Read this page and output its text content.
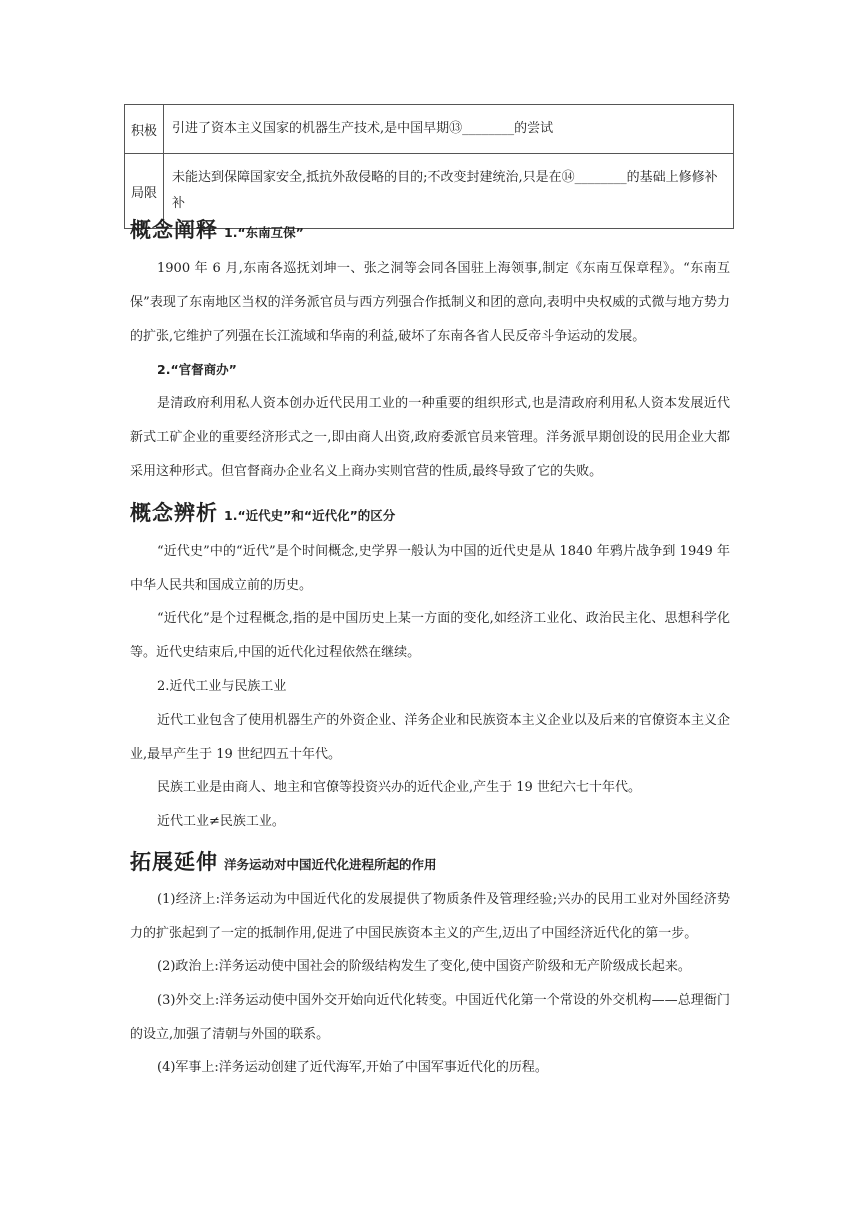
积极	引进了资本主义国家的机器生产技术,是中国早期⑬________的尝试
局限	未能达到保障国家安全,抵抗外敌侵略的目的;不改变封建统治,只是在⑭________的基础上修修补补
概念阐释 1.“东南互保”
1900 年 6 月,东南各巡抚刘坤一、张之洞等会同各国驻上海领事,制定《东南互保章程》。“东南互保”表现了东南地区当权的洋务派官员与西方列强合作抵制义和团的意向,表明中央权威的式微与地方势力的扩张,它维护了列强在长江流域和华南的利益,破坏了东南各省人民反帝斗争运动的发展。
2.“官督商办”
是清政府利用私人资本创办近代民用工业的一种重要的组织形式,也是清政府利用私人资本发展近代新式工矿企业的重要经济形式之一,即由商人出资,政府委派官员来管理。洋务派早期创设的民用企业大都采用这种形式。但官督商办企业名义上商办实则官营的性质,最终导致了它的失败。
概念辨析 1.“近代史”和“近代化”的区分
“近代史”中的“近代”是个时间概念,史学界一般认为中国的近代史是从 1840 年鸦片战争到 1949 年中华人民共和国成立前的历史。
“近代化”是个过程概念,指的是中国历史上某一方面的变化,如经济工业化、政治民主化、思想科学化等。近代史结束后,中国的近代化过程依然在继续。
2.近代工业与民族工业
近代工业包含了使用机器生产的外资企业、洋务企业和民族资本主义企业以及后来的官僚资本主义企业,最早产生于 19 世纪四五十年代。
民族工业是由商人、地主和官僚等投资兴办的近代企业,产生于 19 世纪六七十年代。
近代工业≠民族工业。
拓展延伸 洋务运动对中国近代化进程所起的作用
(1)经济上:洋务运动为中国近代化的发展提供了物质条件及管理经验;兴办的民用工业对外国经济势力的扩张起到了一定的抵制作用,促进了中国民族资本主义的产生,迈出了中国经济近代化的第一步。
(2)政治上:洋务运动使中国社会的阶级结构发生了变化,使中国资产阶级和无产阶级成长起来。
(3)外交上:洋务运动使中国外交开始向近代化转变。中国近代化第一个常设的外交机构——总理衙门的设立,加强了清朝与外国的联系。
(4)军事上:洋务运动创建了近代海军,开始了中国军事近代化的历程。
